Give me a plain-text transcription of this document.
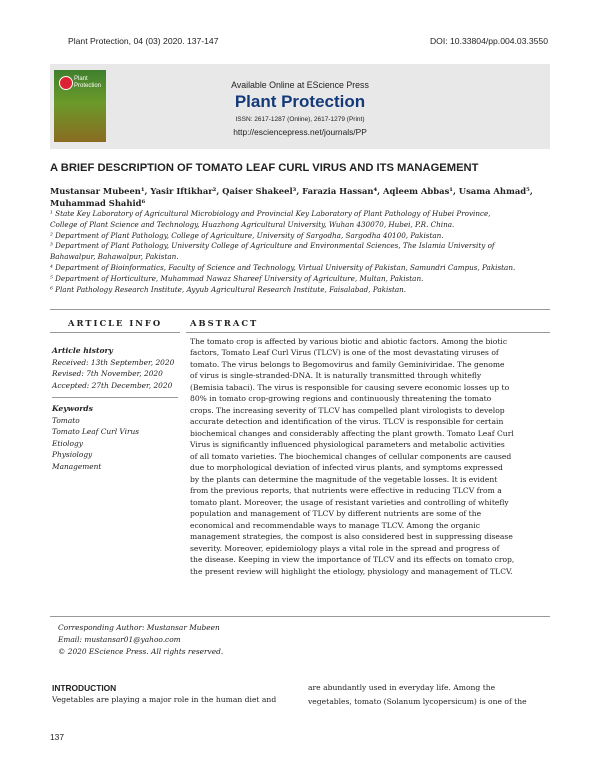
Plant Protection, 04 (03) 2020. 137-147	DOI: 10.33804/pp.004.03.3550
Plant
Protection	Available Online at EScience Press
Plant Protection
ISSN: 2617-1287 (Online), 2617-1279 (Print)
http://esciencepress.net/journals/PP
A BRIEF DESCRIPTION OF TOMATO LEAF CURL VIRUS AND ITS MANAGEMENT
Mustansar Mubeen¹, Yasir Iftikhar², Qaiser Shakeel³, Farazia Hassan⁴, Aqleem Abbas¹, Usama Ahmad⁵,
Muhammad Shahid⁶
¹ State Key Laboratory of Agricultural Microbiology and Provincial Key Laboratory of Plant Pathology of Hubei Province,
College of Plant Science and Technology, Huazhong Agricultural University, Wuhan 430070, Hubei, P.R. China.
² Department of Plant Pathology, College of Agriculture, University of Sargodha, Sargodha 40100, Pakistan.
³ Department of Plant Pathology, University College of Agriculture and Environmental Sciences, The Islamia University of
Bahawalpur, Bahawalpur, Pakistan.
⁴ Department of Bioinformatics, Faculty of Science and Technology, Virtual University of Pakistan, Samundri Campus, Pakistan.
⁵ Department of Horticulture, Muhammad Nawaz Shareef University of Agriculture, Multan, Pakistan.
⁶ Plant Pathology Research Institute, Ayyub Agricultural Research Institute, Faisalabad, Pakistan.
ARTICLE INFO	ABSTRACT
Article history
Received: 13th September, 2020
Revised: 7th November, 2020
Accepted: 27th December, 2020
Keywords
Tomato
Tomato Leaf Curl Virus
Etiology
Physiology
Management
The tomato crop is affected by various biotic and abiotic factors. Among the biotic
factors, Tomato Leaf Curl Virus (TLCV) is one of the most devastating viruses of
tomato. The virus belongs to Begomovirus and family Geminiviridae. The genome
of virus is single-stranded-DNA. It is naturally transmitted through whitefly
(Bemisia tabaci). The virus is responsible for causing severe economic losses up to
80% in tomato crop-growing regions and continuously threatening the tomato
crops. The increasing severity of TLCV has compelled plant virologists to develop
accurate detection and identification of the virus. TLCV is responsible for certain
biochemical changes and considerably affecting the plant growth. Tomato Leaf Curl
Virus is significantly influenced physiological parameters and metabolic activities
of all tomato varieties. The biochemical changes of cellular components are caused
due to morphological deviation of infected virus plants, and symptoms expressed
by the plants can determine the magnitude of the vegetable losses. It is evident
from the previous reports, that nutrients were effective in reducing TLCV from a
tomato plant. Moreover, the usage of resistant varieties and controlling of whitefly
population and management of TLCV by different nutrients are some of the
economical and recommendable ways to manage TLCV. Among the organic
management strategies, the compost is also considered best in suppressing disease
severity. Moreover, epidemiology plays a vital role in the spread and progress of
the disease. Keeping in view the importance of TLCV and its effects on tomato crop,
the present review will highlight the etiology, physiology and management of TLCV.
Corresponding Author: Mustansar Mubeen
Email: mustansar01@yahoo.com
© 2020 EScience Press. All rights reserved.
INTRODUCTION
Vegetables are playing a major role in the human diet and
are abundantly used in everyday life. Among the
vegetables, tomato (Solanum lycopersicum) is one of the
137
